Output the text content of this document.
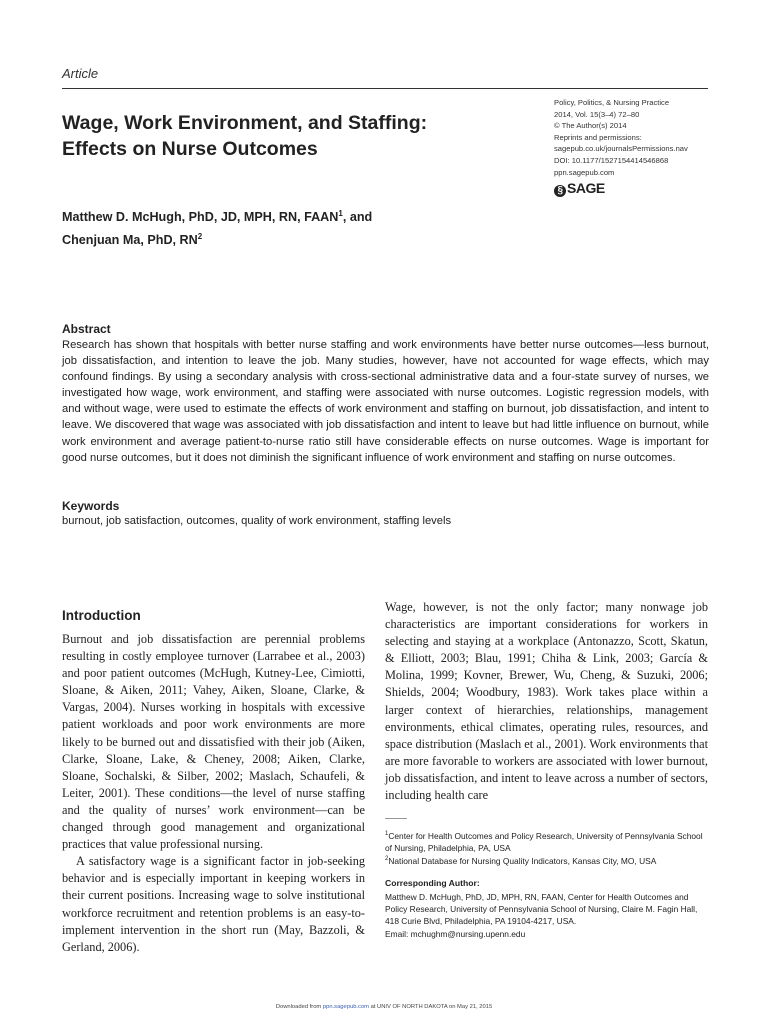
Article
Wage, Work Environment, and Staffing:
Effects on Nurse Outcomes
Policy, Politics, & Nursing Practice
2014, Vol. 15(3–4) 72–80
© The Author(s) 2014
Reprints and permissions:
sagepub.co.uk/journalsPermissions.nav
DOI: 10.1177/1527154414546868
ppn.sagepub.com
§ SAGE
Matthew D. McHugh, PhD, JD, MPH, RN, FAAN$^1$, and
Chenjuan Ma, PhD, $RN^2$
Abstract
Research has shown that hospitals with better nurse staffing and work environments have better nurse outcomes—less burnout, job dissatisfaction, and intention to leave the job. Many studies, however, have not accounted for wage effects, which may confound findings. By using a secondary analysis with cross-sectional administrative data and a four-state survey of nurses, we investigated how wage, work environment, and staffing were associated with nurse outcomes. Logistic regression models, with and without wage, were used to estimate the effects of work environment and staffing on burnout, job dissatisfaction, and intent to leave. We discovered that wage was associated with job dissatisfaction and intent to leave but had little influence on burnout, while work environment and average patient-to-nurse ratio still have considerable effects on nurse outcomes. Wage is important for good nurse outcomes, but it does not diminish the significant influence of work environment and staffing on nurse outcomes.
Keywords
burnout, job satisfaction, outcomes, quality of work environment, staffing levels
Introduction

Burnout and job dissatisfaction are perennial problems resulting in costly employee turnover (Larrabee et al., 2003) and poor patient outcomes (McHugh, Kutney-Lee, Cimiotti, Sloane, & Aiken, 2011; Vahey, Aiken, Sloane, Clarke, & Vargas, 2004). Nurses working in hospitals with excessive patient workloads and poor work environments are more likely to be burned out and dissatisfied with their job (Aiken, Clarke, Sloane, Lake, & Cheney, 2008; Aiken, Clarke, Sloane, Sochalski, & Silber, 2002; Maslach, Schaufeli, & Leiter, 2001). These conditions—the level of nurse staffing and the quality of nurses’ work environment—can be changed through good management and organizational practices that value professional nursing.

A satisfactory wage is a significant factor in job-seeking behavior and is especially important in keeping workers in their current positions. Increasing wage to solve institutional workforce recruitment and retention problems is an easy-to-implement intervention in the short run (May, Bazzoli, & Gerland, 2006).

Wage, however, is not the only factor; many nonwage job characteristics are important considerations for workers in selecting and staying at a workplace (Antonazzo, Scott, Skatun, & Elliott, 2003; Blau, 1991; Chiha & Link, 2003; García & Molina, 1999; Kovner, Brewer, Wu, Cheng, & Suzuki, 2006; Shields, 2004; Woodbury, 1983). Work takes place within a larger context of hierarchies, relationships, management environments, ethical climates, operating rules, resources, and space distribution (Maslach et al., 2001). Work environments that are more favorable to workers are associated with lower burnout, job dissatisfaction, and intent to leave across a number of sectors, including health care

$^1$Center for Health Outcomes and Policy Research, University of Pennsylvania School of Nursing, Philadelphia, PA, USA
$^2$National Database for Nursing Quality Indicators, Kansas City, MO, USA
Corresponding Author:
Matthew D. McHugh, PhD, JD, MPH, RN, FAAN, Center for Health Outcomes and Policy Research, University of Pennsylvania School of Nursing, Claire M. Fagin Hall, 418 Curie Blvd, Philadelphia, PA 19104-4217, USA.
Email: mchughm@nursing.upenn.edu
Downloaded from ppn.sagepub.com at UNIV OF NORTH DAKOTA on May 21, 2015
